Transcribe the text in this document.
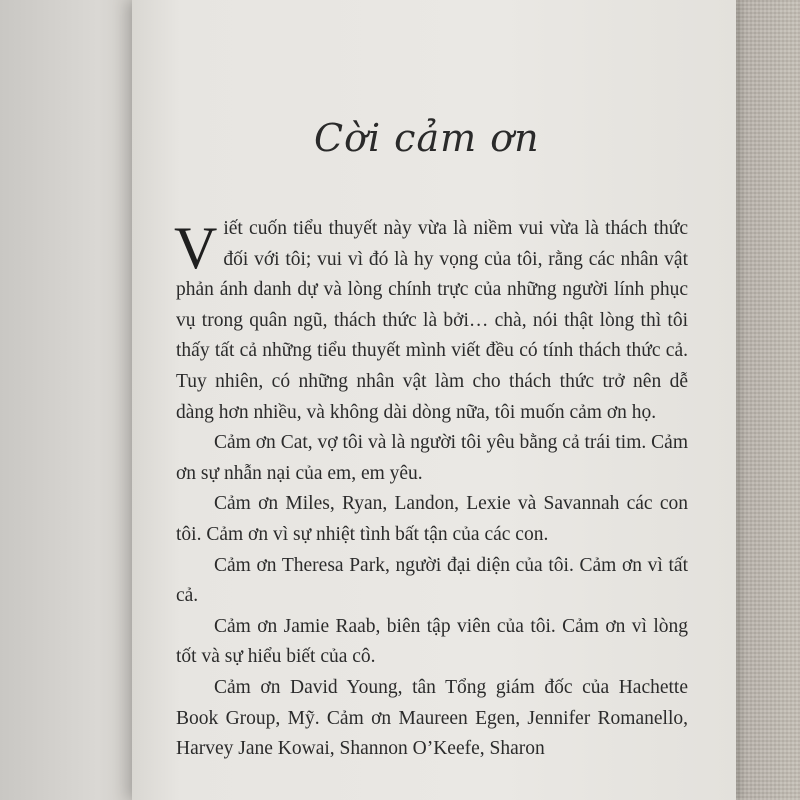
Cời cảm ơn

Viết cuốn tiểu thuyết này vừa là niềm vui vừa là thách thức đối với tôi; vui vì đó là hy vọng của tôi, rằng các nhân vật phản ánh danh dự và lòng chính trực của những người lính phục vụ trong quân ngũ, thách thức là bởi… chà, nói thật lòng thì tôi thấy tất cả những tiểu thuyết mình viết đều có tính thách thức cả. Tuy nhiên, có những nhân vật làm cho thách thức trở nên dễ dàng hơn nhiều, và không dài dòng nữa, tôi muốn cảm ơn họ.

Cảm ơn Cat, vợ tôi và là người tôi yêu bằng cả trái tim. Cảm ơn sự nhẫn nại của em, em yêu.

Cảm ơn Miles, Ryan, Landon, Lexie và Savannah các con tôi. Cảm ơn vì sự nhiệt tình bất tận của các con.

Cảm ơn Theresa Park, người đại diện của tôi. Cảm ơn vì tất cả.

Cảm ơn Jamie Raab, biên tập viên của tôi. Cảm ơn vì lòng tốt và sự hiểu biết của cô.

Cảm ơn David Young, tân Tổng giám đốc của Hachette Book Group, Mỹ. Cảm ơn Maureen Egen, Jennifer Romanello, Harvey Jane Kowai, Shannon O’Keefe, Sharon
